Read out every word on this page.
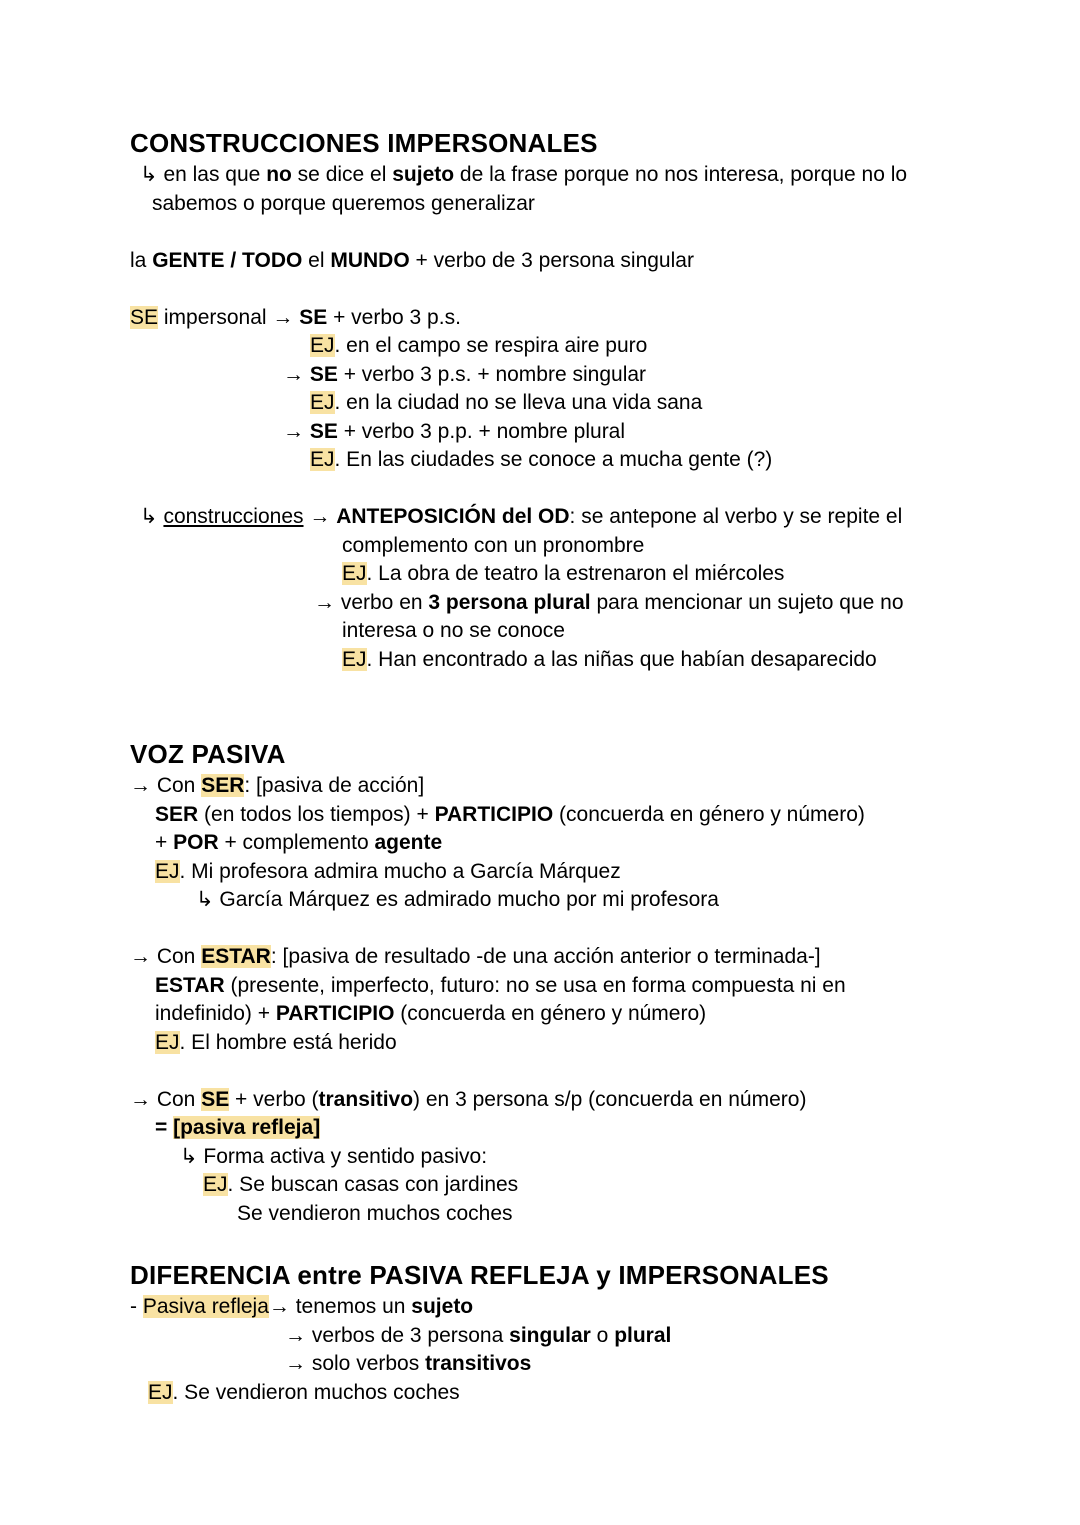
CONSTRUCCIONES IMPERSONALES
↳ en las que no se dice el sujeto de la frase porque no nos interesa, porque no lo
sabemos o porque queremos generalizar
la GENTE / TODO el MUNDO + verbo de 3 persona singular
SE impersonal → SE + verbo 3 p.s.
EJ. en el campo se respira aire puro
→ SE + verbo 3 p.s. + nombre singular
EJ. en la ciudad no se lleva una vida sana
→ SE + verbo 3 p.p. + nombre plural
EJ. En las ciudades se conoce a mucha gente (?)
↳ construcciones → ANTEPOSICIÓN del OD: se antepone al verbo y se repite el
complemento con un pronombre
EJ. La obra de teatro la estrenaron el miércoles
→ verbo en 3 persona plural para mencionar un sujeto que no
interesa o no se conoce
EJ. Han encontrado a las niñas que habían desaparecido
VOZ PASIVA
→ Con SER: [pasiva de acción]
SER (en todos los tiempos) + PARTICIPIO (concuerda en género y número)
+ POR + complemento agente
EJ. Mi profesora admira mucho a García Márquez
↳ García Márquez es admirado mucho por mi profesora
→ Con ESTAR: [pasiva de resultado -de una acción anterior o terminada-]
ESTAR (presente, imperfecto, futuro: no se usa en forma compuesta ni en
indefinido) + PARTICIPIO (concuerda en género y número)
EJ. El hombre está herido
→ Con SE + verbo (transitivo) en 3 persona s/p (concuerda en número)
= [pasiva refleja]
↳ Forma activa y sentido pasivo:
EJ. Se buscan casas con jardines
Se vendieron muchos coches
DIFERENCIA entre PASIVA REFLEJA y IMPERSONALES
- Pasiva refleja→ tenemos un sujeto
→ verbos de 3 persona singular o plural
→ solo verbos transitivos
EJ. Se vendieron muchos coches
